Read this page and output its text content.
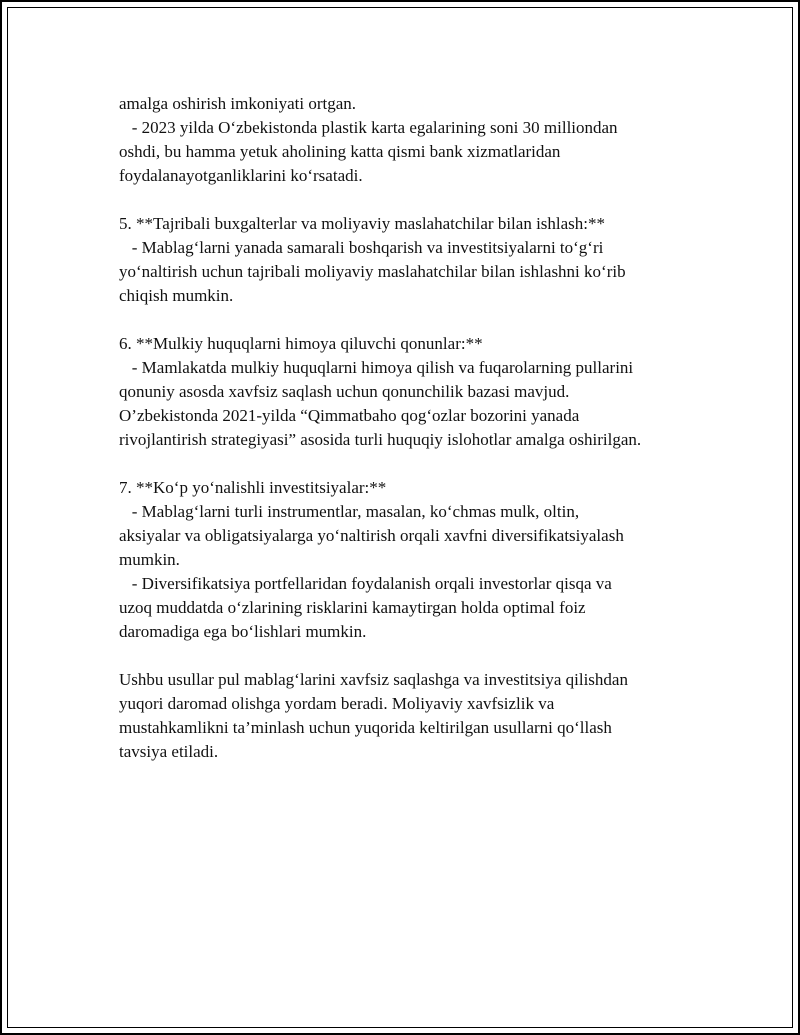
amalga oshirish imkoniyati ortgan.
- 2023 yilda O‘zbekistonda plastik karta egalarining soni 30 milliondan
oshdi, bu hamma yetuk aholining katta qismi bank xizmatlaridan
foydalanayotganliklarini ko‘rsatadi.
5. **Tajribali buxgalterlar va moliyaviy maslahatchilar bilan ishlash:**
- Mablag‘larni yanada samarali boshqarish va investitsiyalarni to‘g‘ri
yo‘naltirish uchun tajribali moliyaviy maslahatchilar bilan ishlashni ko‘rib
chiqish mumkin.
6. **Mulkiy huquqlarni himoya qiluvchi qonunlar:**
- Mamlakatda mulkiy huquqlarni himoya qilish va fuqarolarning pullarini
qonuniy asosda xavfsiz saqlash uchun qonunchilik bazasi mavjud.
O’zbekistonda 2021-yilda “Qimmatbaho qog‘ozlar bozorini yanada
rivojlantirish strategiyasi” asosida turli huquqiy islohotlar amalga oshirilgan.
7. **Ko‘p yo‘nalishli investitsiyalar:**
- Mablag‘larni turli instrumentlar, masalan, ko‘chmas mulk, oltin,
aksiyalar va obligatsiyalarga yo‘naltirish orqali xavfni diversifikatsiyalash
mumkin.
- Diversifikatsiya portfellaridan foydalanish orqali investorlar qisqa va
uzoq muddatda o‘zlarining risklarini kamaytirgan holda optimal foiz
daromadiga ega bo‘lishlari mumkin.
Ushbu usullar pul mablag‘larini xavfsiz saqlashga va investitsiya qilishdan
yuqori daromad olishga yordam beradi. Moliyaviy xavfsizlik va
mustahkamlikni ta’minlash uchun yuqorida keltirilgan usullarni qo‘llash
tavsiya etiladi.
